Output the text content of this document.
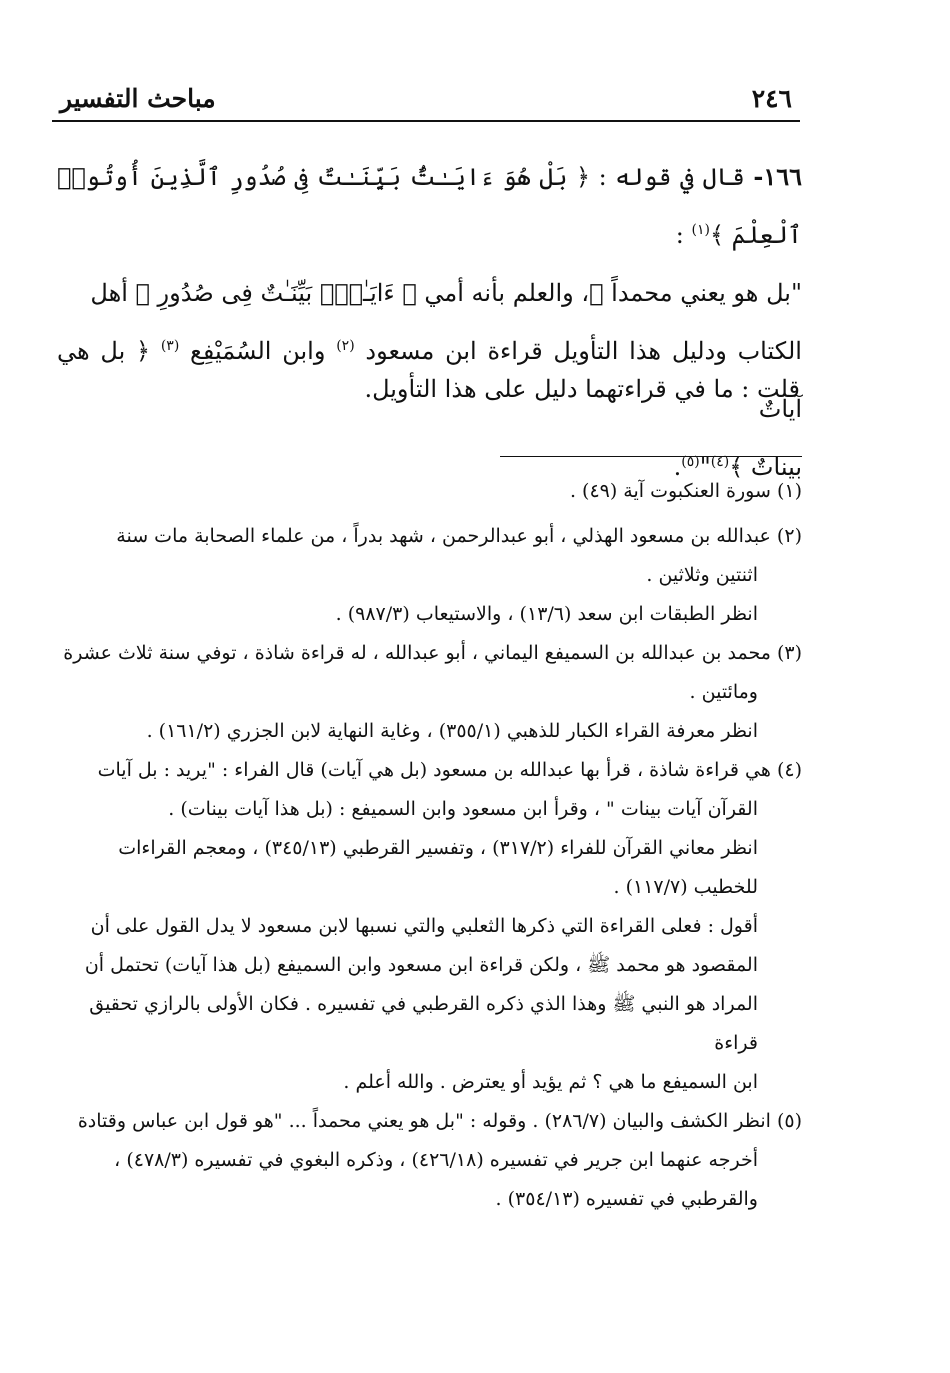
٢٤٦
مباحث التفسير

١٦٦- قال في قوله : ﴿ بَلْ هُوَ ءَايَـٰتٌۢ بَيِّنَـٰتٌ فِى صُدُورِ ٱلَّذِينَ أُوتُوا۟ ٱلْعِلْمَ ﴾$^{(١)}$ :

"بل هو يعني محمداً ﷺ، والعلم بأنه أمي ﴿ ءَايَـٰتٌۢ بَيِّنَـٰتٌ فِى صُدُورِ ﴾ أهل

الكتاب ودليل هذا التأويل قراءة ابن مسعود $^{(٢)}$ وابن السُمَيْفِع $^{(٣)}$ ﴿ بل هي آياتٌ

بيناتٌ ﴾$^{(٤)}$"$^{(٥)}$.

قلت : ما في قراءتهما دليل على هذا التأويل.

(١) سورة العنكبوت آية (٤٩) .

(٢) عبدالله بن مسعود الهذلي ، أبو عبدالرحمن ، شهد بدراً ، من علماء الصحابة مات سنة

اثنتين وثلاثين .

انظر الطبقات ابن سعد (١٣/٦) ، والاستيعاب (٩٨٧/٣) .

(٣) محمد بن عبدالله بن السميفع اليماني ، أبو عبدالله ، له قراءة شاذة ، توفي سنة ثلاث عشرة

ومائتين .

انظر معرفة القراء الكبار للذهبي (٣٥٥/١) ، وغاية النهاية لابن الجزري (١٦١/٢) .

(٤) هي قراءة شاذة ، قرأ بها عبدالله بن مسعود (بل هي آيات) قال الفراء : "يريد : بل آيات

القرآن آيات بينات " ، وقرأ ابن مسعود وابن السميفع : (بل هذا آيات بينات) .

انظر معاني القرآن للفراء (٣١٧/٢) ، وتفسير القرطبي (٣٤٥/١٣) ، ومعجم القراءات

للخطيب (١١٧/٧) .

أقول : فعلى القراءة التي ذكرها الثعلبي والتي نسبها لابن مسعود لا يدل القول على أن

المقصود هو محمد ﷺ ، ولكن قراءة ابن مسعود وابن السميفع (بل هذا آيات) تحتمل أن

المراد هو النبي ﷺ وهذا الذي ذكره القرطبي في تفسيره . فكان الأولى بالرازي تحقيق قراءة

ابن السميفع ما هي ؟ ثم يؤيد أو يعترض . والله أعلم .

(٥) انظر الكشف والبيان (٢٨٦/٧) . وقوله : "بل هو يعني محمداً ... "هو قول ابن عباس وقتادة

أخرجه عنهما ابن جرير في تفسيره (٤٢٦/١٨) ، وذكره البغوي في تفسيره (٤٧٨/٣) ،

والقرطبي في تفسيره (٣٥٤/١٣) .
